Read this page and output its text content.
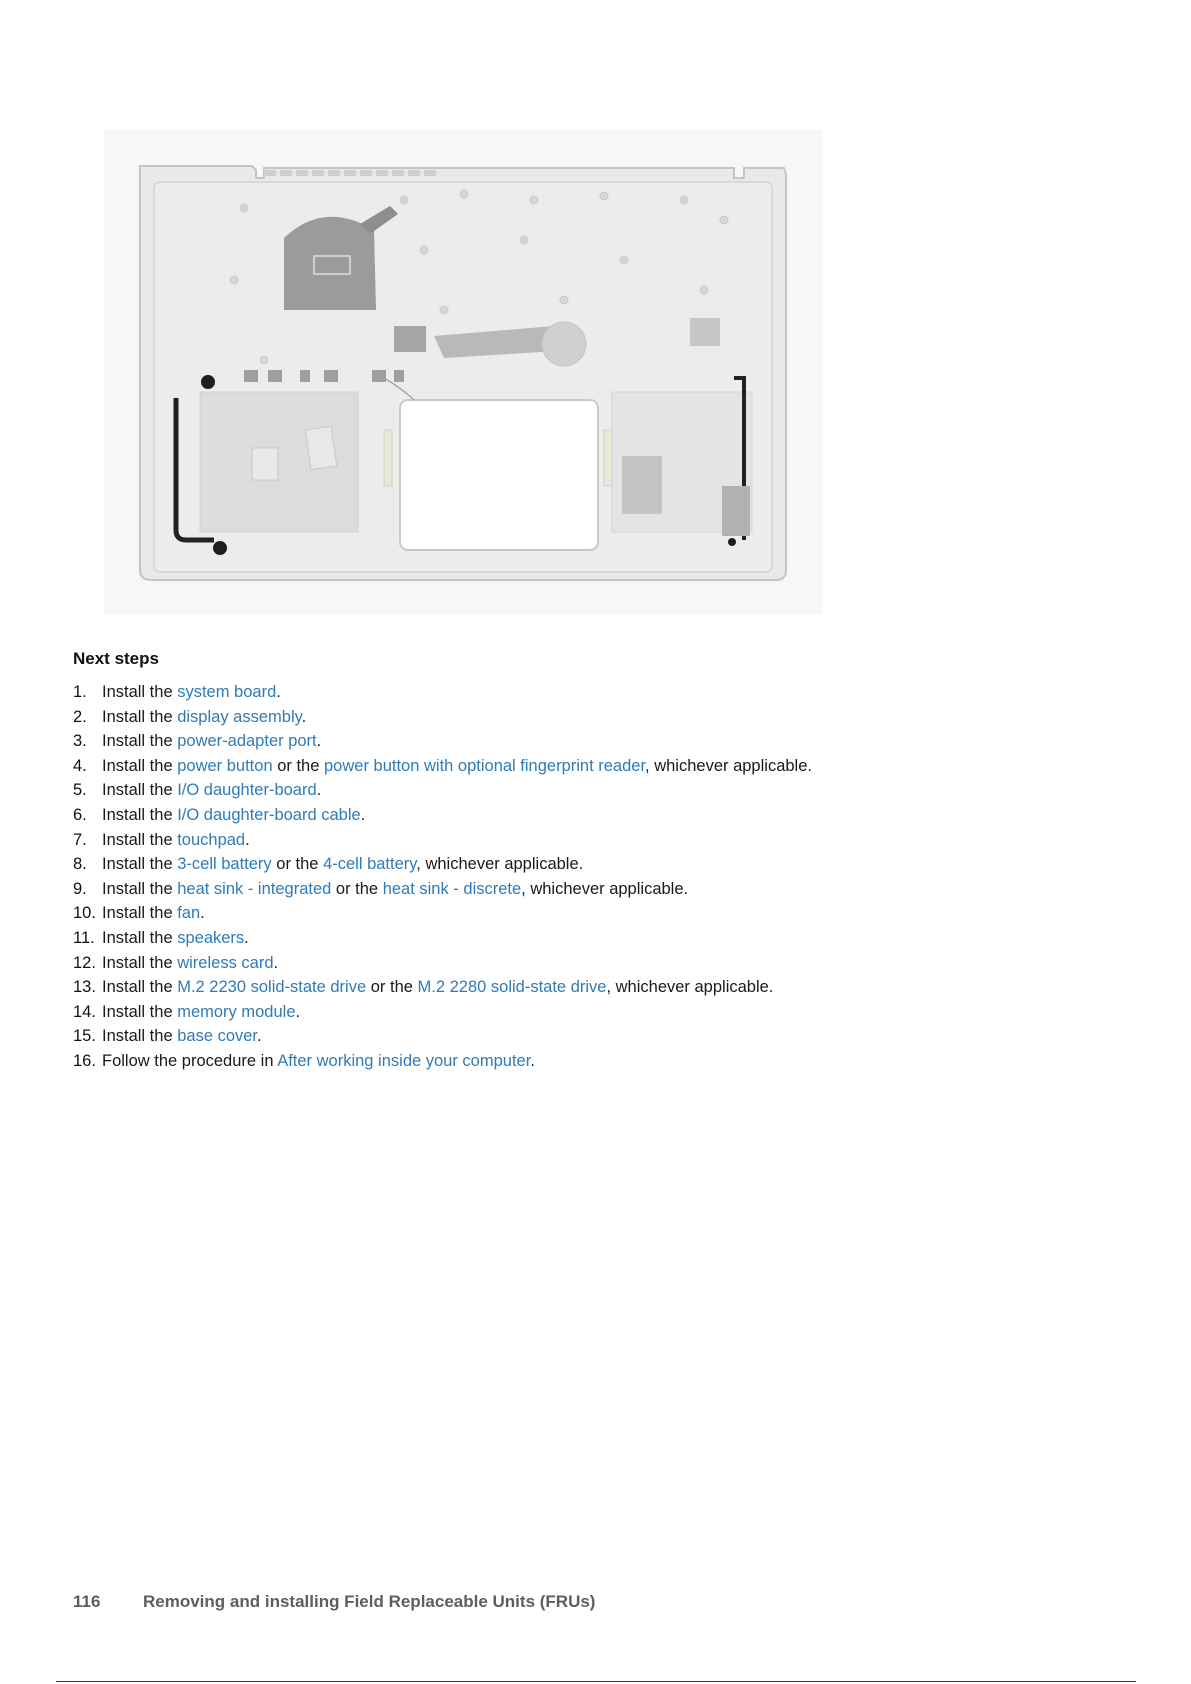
Next steps
1. Install the system board.
2. Install the display assembly.
3. Install the power-adapter port.
4. Install the power button or the power button with optional fingerprint reader, whichever applicable.
5. Install the I/O daughter-board.
6. Install the I/O daughter-board cable.
7. Install the touchpad.
8. Install the 3-cell battery or the 4-cell battery, whichever applicable.
9. Install the heat sink - integrated or the heat sink - discrete, whichever applicable.
10. Install the fan.
11. Install the speakers.
12. Install the wireless card.
13. Install the M.2 2230 solid-state drive or the M.2 2280 solid-state drive, whichever applicable.
14. Install the memory module.
15. Install the base cover.
16. Follow the procedure in After working inside your computer.
116	Removing and installing Field Replaceable Units (FRUs)
